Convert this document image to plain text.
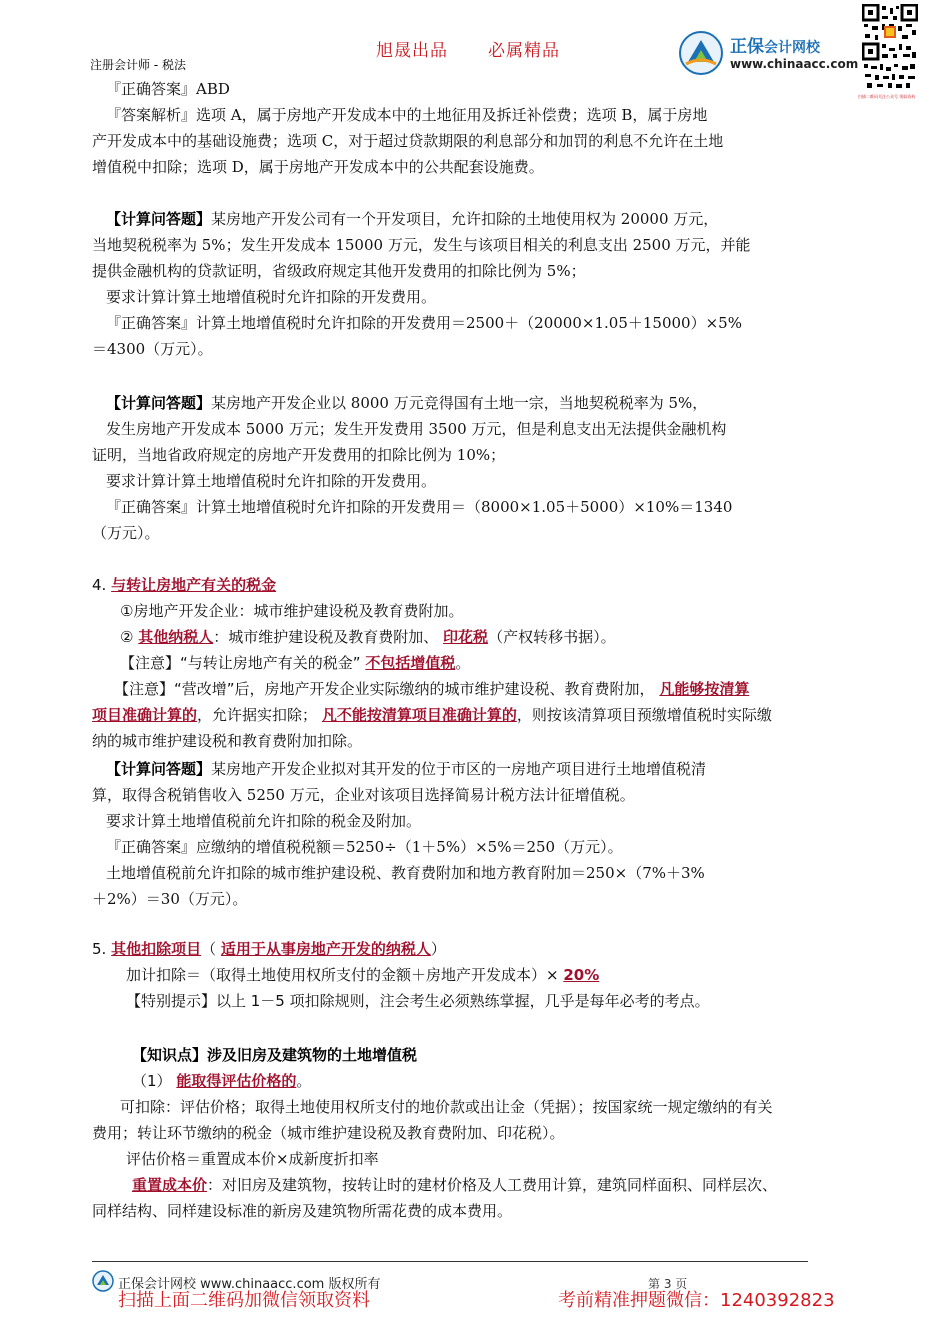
旭晟出品 必属精品
注册会计师 - 税法
正保会计网校
www.chinaacc.com
扫描二维码关注公众号 领取资料
『正确答案』ABD
『答案解析』选项 A，属于房地产开发成本中的土地征用及拆迁补偿费；选项 B，属于房地
产开发成本中的基础设施费；选项 C，对于超过贷款期限的利息部分和加罚的利息不允许在土地
增值税中扣除；选项 D，属于房地产开发成本中的公共配套设施费。
【计算问答题】某房地产开发公司有一个开发项目，允许扣除的土地使用权为 20000 万元，
当地契税税率为 5%；发生开发成本 15000 万元，发生与该项目相关的利息支出 2500 万元，并能
提供金融机构的贷款证明，省级政府规定其他开发费用的扣除比例为 5%；
要求计算计算土地增值税时允许扣除的开发费用。
『正确答案』计算土地增值税时允许扣除的开发费用＝2500＋（20000×1.05＋15000）×5%
＝4300（万元）。
【计算问答题】某房地产开发企业以 8000 万元竞得国有土地一宗，当地契税税率为 5%，
发生房地产开发成本 5000 万元；发生开发费用 3500 万元，但是利息支出无法提供金融机构
证明，当地省政府规定的房地产开发费用的扣除比例为 10%；
要求计算计算土地增值税时允许扣除的开发费用。
『正确答案』计算土地增值税时允许扣除的开发费用＝（8000×1.05＋5000）×10%＝1340
（万元）。
4. 与转让房地产有关的税金
①房地产开发企业：城市维护建设税及教育费附加。
② 其他纳税人：城市维护建设税及教育费附加、 印花税（产权转移书据）。
【注意】“与转让房地产有关的税金” 不包括增值税。
【注意】“营改增”后，房地产开发企业实际缴纳的城市维护建设税、教育费附加， 凡能够按清算
项目准确计算的，允许据实扣除； 凡不能按清算项目准确计算的，则按该清算项目预缴增值税时实际缴
纳的城市维护建设税和教育费附加扣除。
【计算问答题】某房地产开发企业拟对其开发的位于市区的一房地产项目进行土地增值税清
算，取得含税销售收入 5250 万元，企业对该项目选择简易计税方法计征增值税。
要求计算土地增值税前允许扣除的税金及附加。
『正确答案』应缴纳的增值税税额＝5250÷（1＋5%）×5%＝250（万元）。
土地增值税前允许扣除的城市维护建设税、教育费附加和地方教育附加＝250×（7%＋3%
＋2%）＝30（万元）。
5. 其他扣除项目（ 适用于从事房地产开发的纳税人）
加计扣除＝（取得土地使用权所支付的金额＋房地产开发成本）× 20%
【特别提示】以上 1－5 项扣除规则，注会考生必须熟练掌握，几乎是每年必考的考点。
【知识点】涉及旧房及建筑物的土地增值税
（1） 能取得评估价格的。
可扣除：评估价格；取得土地使用权所支付的地价款或出让金（凭据）；按国家统一规定缴纳的有关
费用；转让环节缴纳的税金（城市维护建设税及教育费附加、印花税）。
评估价格＝重置成本价×成新度折扣率
重置成本价：对旧房及建筑物，按转让时的建材价格及人工费用计算，建筑同样面积、同样层次、
同样结构、同样建设标准的新房及建筑物所需花费的成本费用。
正保会计网校 www.chinaacc.com 版权所有	第 3 页
扫描上面二维码加微信领取资料	考前精准押题微信：1240392823
